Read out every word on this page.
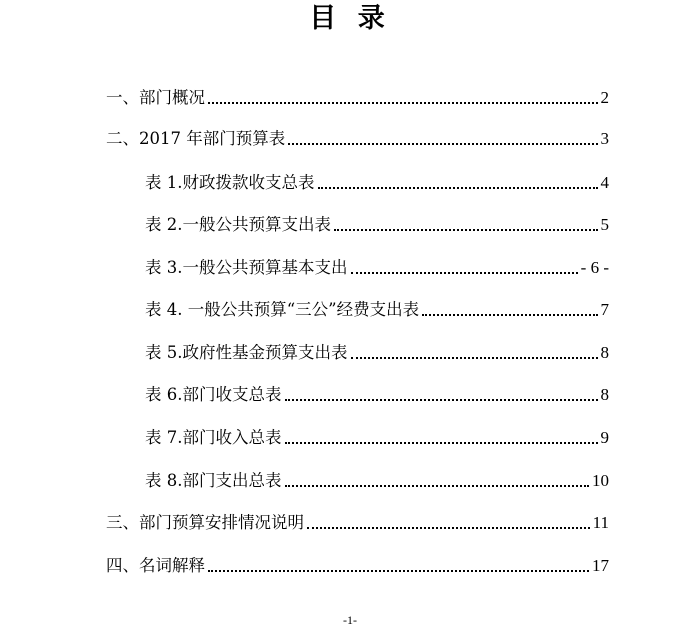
目 录
一、部门概况	2
二、2017 年部门预算表	3
表 1.财政拨款收支总表	4
表 2.一般公共预算支出表	5
表 3.一般公共预算基本支出	- 6 -
表 4. 一般公共预算“三公”经费支出表	7
表 5.政府性基金预算支出表	8
表 6.部门收支总表	8
表 7.部门收入总表	9
表 8.部门支出总表	10
三、部门预算安排情况说明	11
四、名词解释	17
-1-
